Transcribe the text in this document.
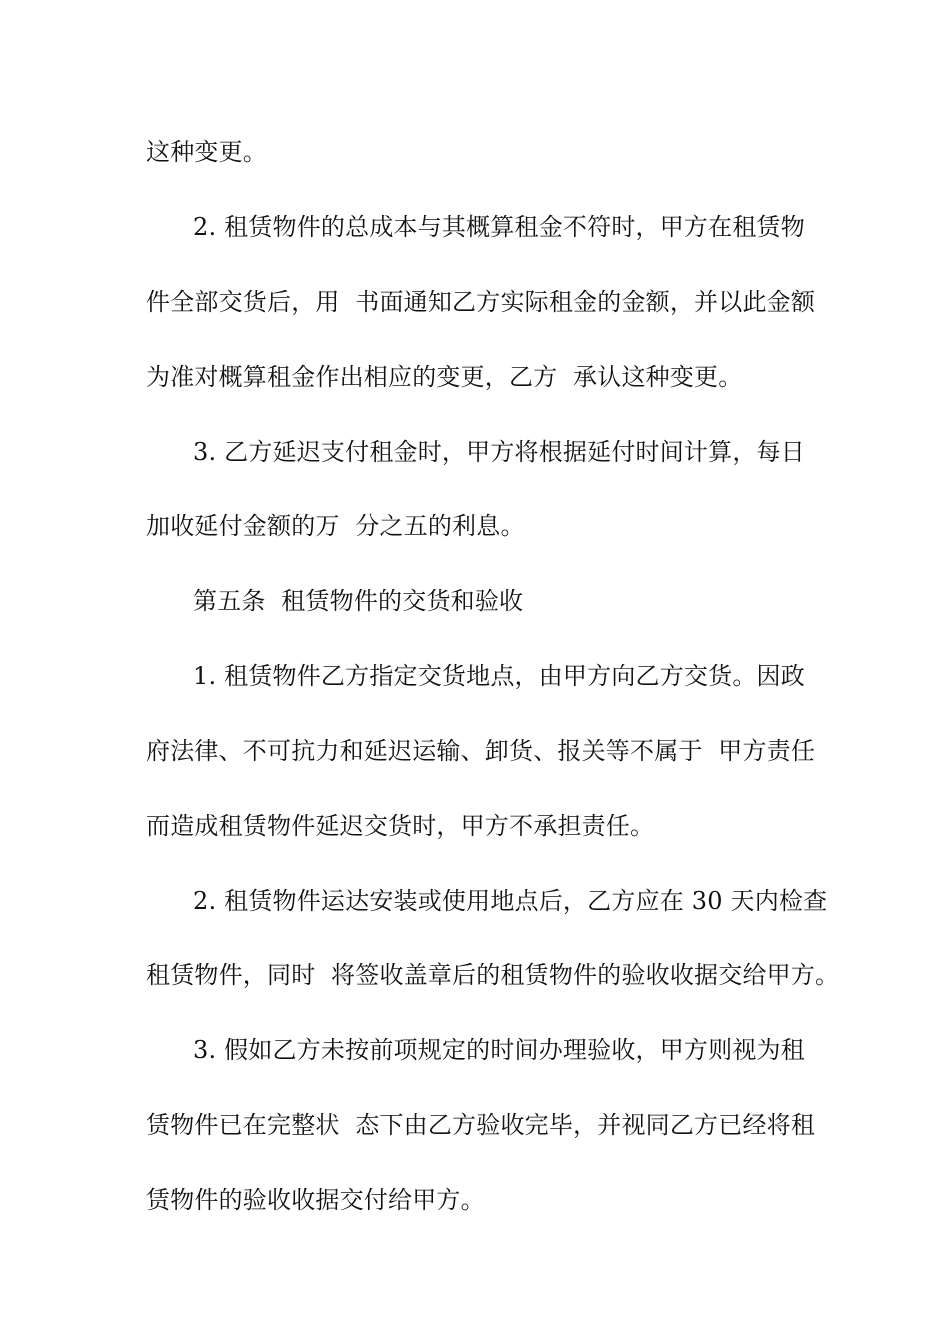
这种变更。
2. 租赁物件的总成本与其概算租金不符时，甲方在租赁物
件全部交货后，用  书面通知乙方实际租金的金额，并以此金额
为准对概算租金作出相应的变更，乙方  承认这种变更。
3. 乙方延迟支付租金时，甲方将根据延付时间计算，每日
加收延付金额的万  分之五的利息。
第五条  租赁物件的交货和验收
1. 租赁物件乙方指定交货地点，由甲方向乙方交货。因政
府法律、不可抗力和延迟运输、卸货、报关等不属于  甲方责任
而造成租赁物件延迟交货时，甲方不承担责任。
2. 租赁物件运达安装或使用地点后，乙方应在 30 天内检查
租赁物件，同时  将签收盖章后的租赁物件的验收收据交给甲方。
3. 假如乙方未按前项规定的时间办理验收，甲方则视为租
赁物件已在完整状  态下由乙方验收完毕，并视同乙方已经将租
赁物件的验收收据交付给甲方。
